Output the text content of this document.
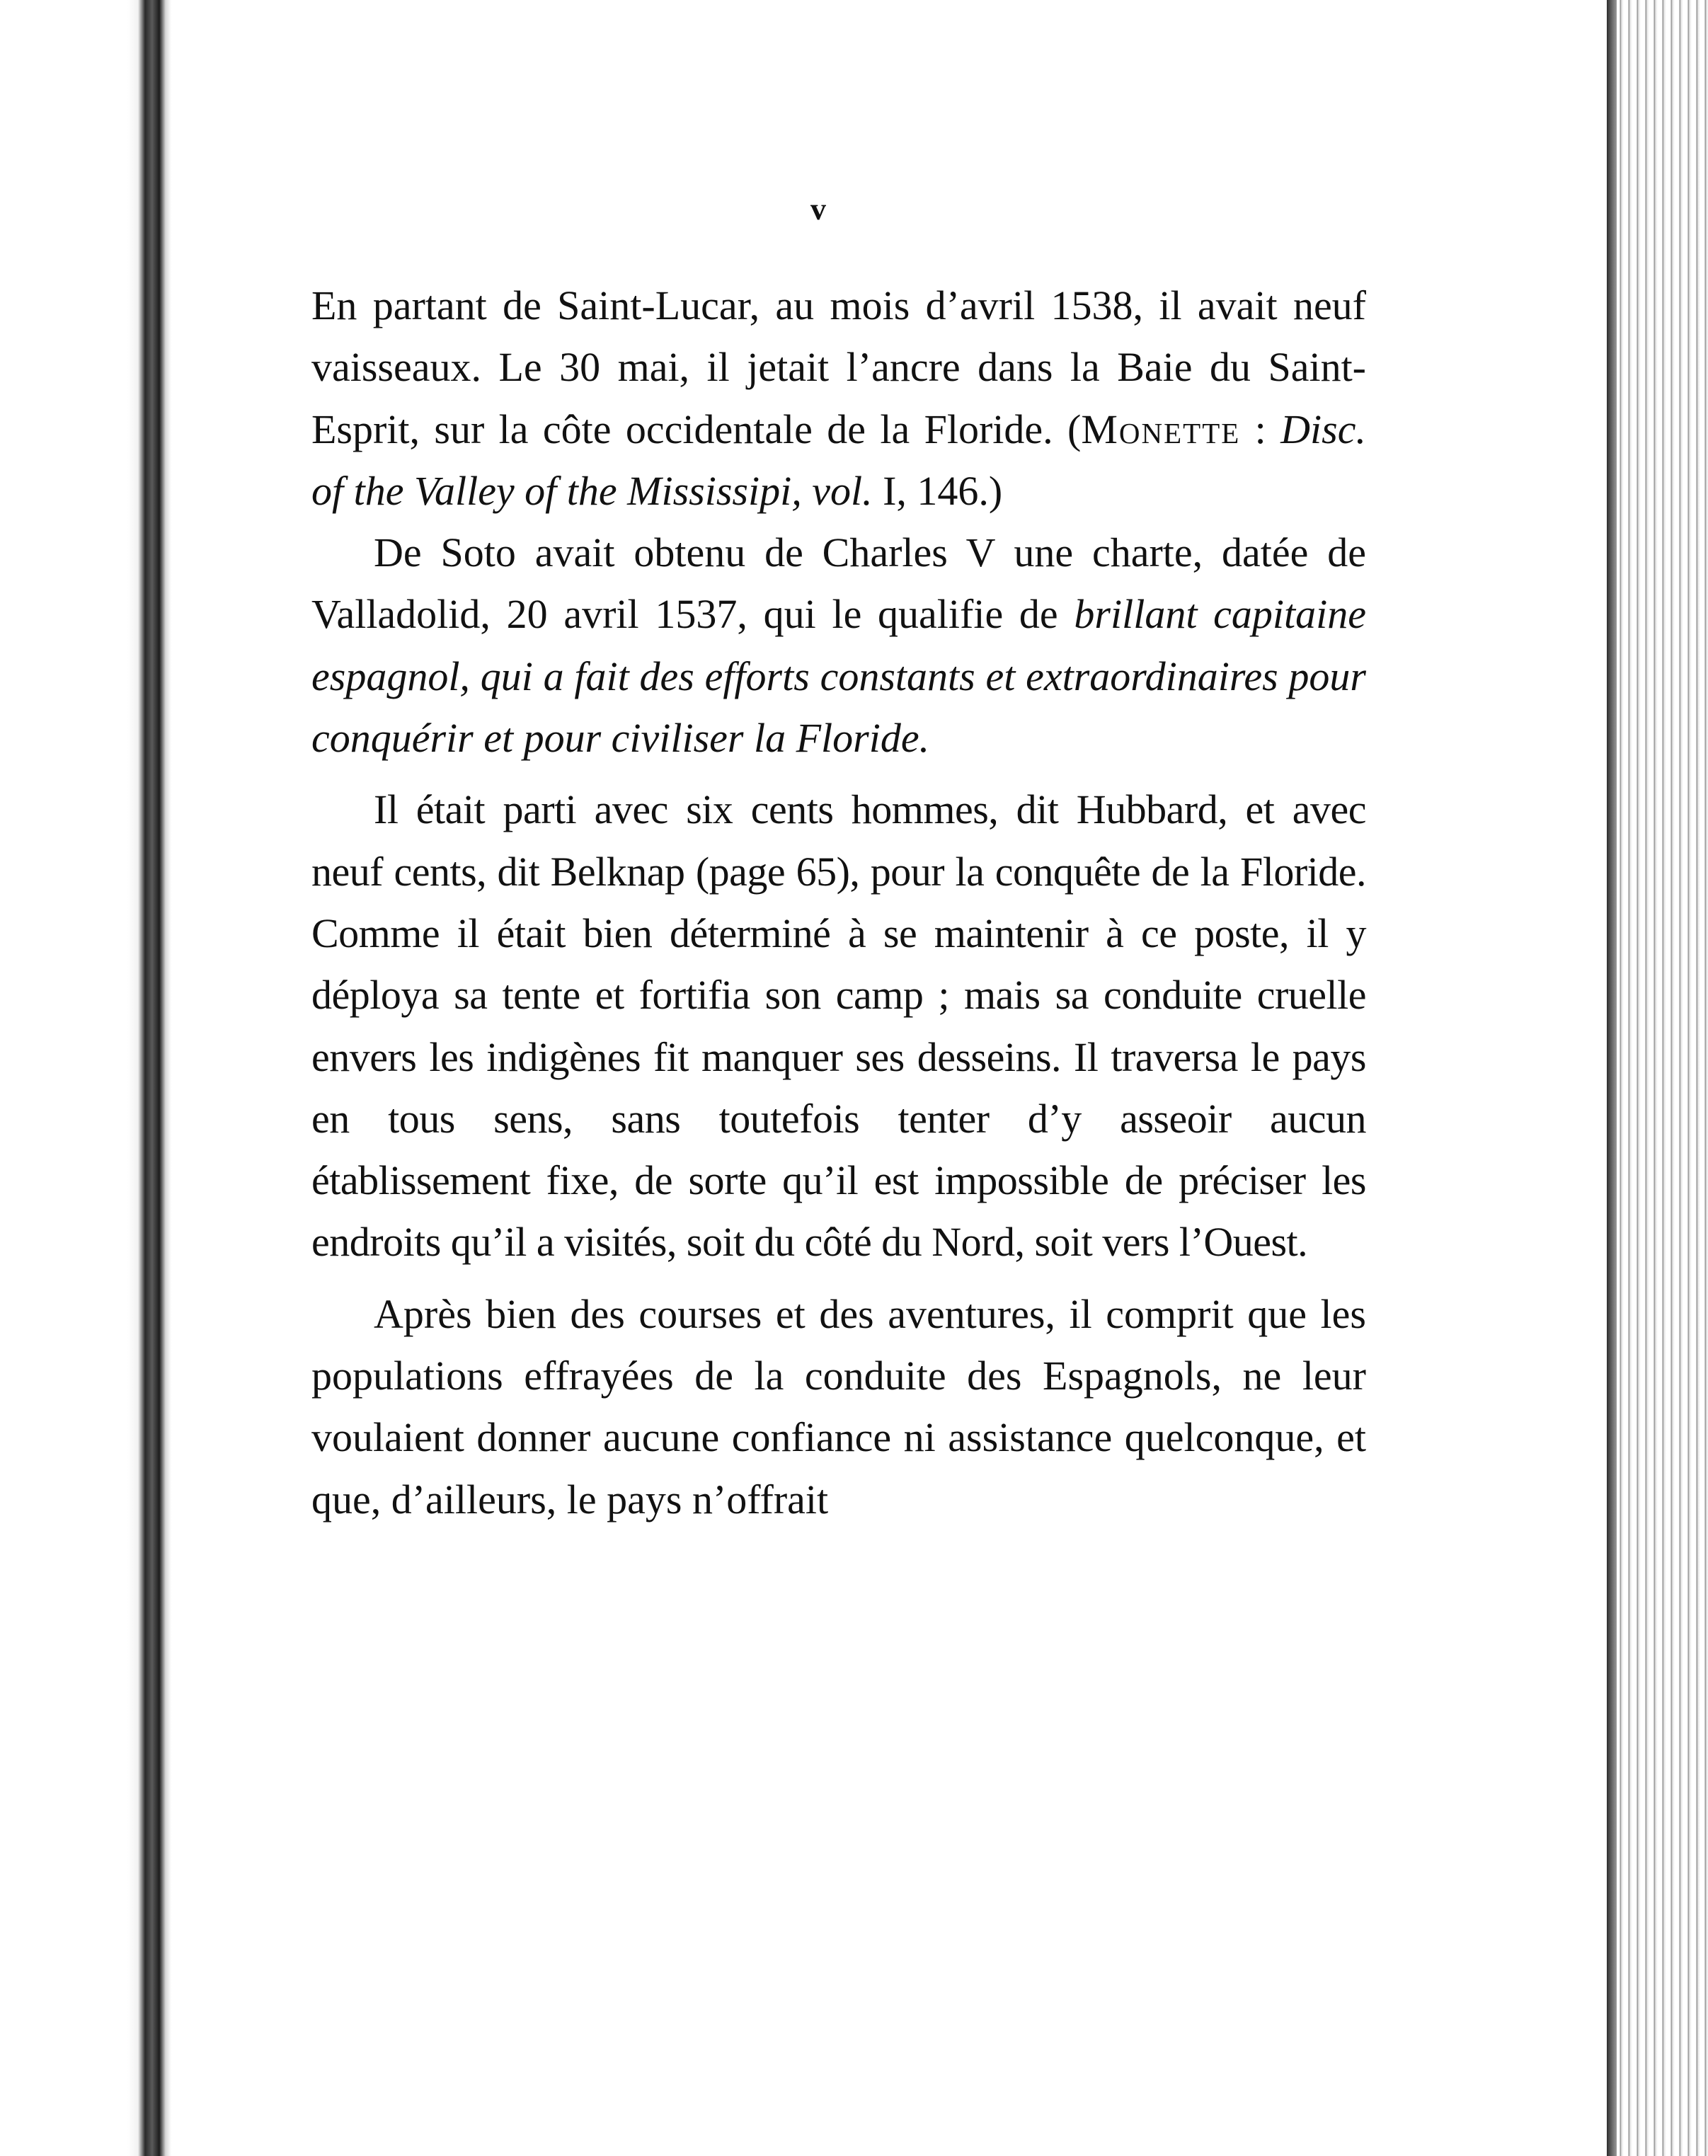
v

En partant de Saint-Lucar, au mois d’avril 1538, il avait neuf vaisseaux. Le 30 mai, il jetait l’ancre dans la Baie du Saint-Esprit, sur la côte occidentale de la Floride. (Monette : Disc. of the Valley of the Mississipi, vol. I, 146.)

De Soto avait obtenu de Charles V une charte, datée de Valladolid, 20 avril 1537, qui le qualifie de brillant capitaine espagnol, qui a fait des efforts constants et extraordinaires pour conquérir et pour civiliser la Floride.

Il était parti avec six cents hommes, dit Hubbard, et avec neuf cents, dit Belknap (page 65), pour la conquête de la Floride. Comme il était bien déterminé à se maintenir à ce poste, il y déploya sa tente et fortifia son camp ; mais sa conduite cruelle envers les indigènes fit manquer ses desseins. Il traversa le pays en tous sens, sans toutefois tenter d’y asseoir aucun établissement fixe, de sorte qu’il est impossible de préciser les endroits qu’il a visités, soit du côté du Nord, soit vers l’Ouest.

Après bien des courses et des aventures, il comprit que les populations effrayées de la conduite des Espagnols, ne leur voulaient donner aucune confiance ni assistance quelconque, et que, d’ailleurs, le pays n’offrait
